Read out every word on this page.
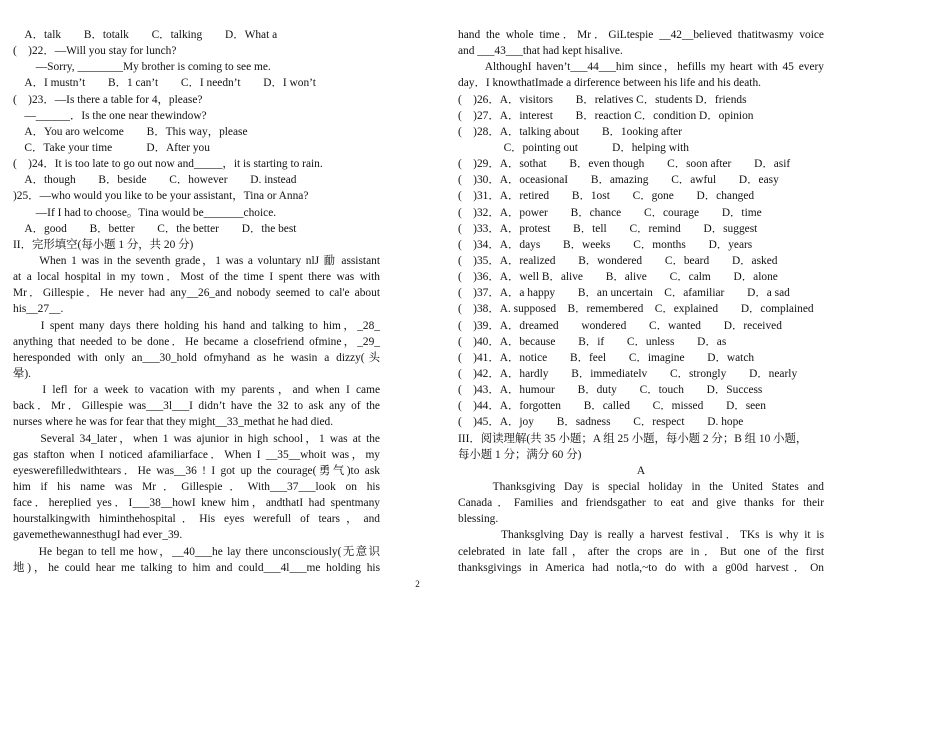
　A．talk　　B．totalk　　C．talking　　D．What a
(　)22．—Will you stay for lunch?
　　—Sorry, ________My brother is coming to see me.
　A．I mustn’t　　B．1 can’t　　C．I needn’t　　D．I won’t
(　)23．—Is there a table for 4，please?
　—______．Is the one near thewindow?
　A．You aro welcome　　B．This way，please
　C．Take your time　　　D．After you
(　)24．It is too late to go out now and_____，it is starting to rain.
　A．though　　B．beside　　C．however　　D. instead
)25．—who would you like to be your assistant，Tina or Anna?
　　—If I had to choose。Tina would be_______choice.
　A．good　　B．better　　C．the better　　D．the best
II．完形填空(每小题 1 分，共 20 分)
　　When 1 was in the seventh grade，1 was a voluntary nlJ 勔 assistant
at a local hospital in my town．Most of the time I spent there was with
Mr．Gillespie．He never had any__26_and nobody seemed to cal'e about
his__27__.
　　I spent many days there holding his hand and talking to him，_28_
anything that needed to be done．He became a closefriend ofmine，_29_
heresponded with only an___30_hold ofmyhand as he wasin a dizzy(头
晕).
　　I lefl for a week to vacation with my parents，and when I came
back．Mr．Gillespie was___3l___I didn’t have the 32 to ask any of the
nurses where he was for fear that they might__33_methat he had died.
　　Several 34_later，when 1 was ajunior in high school，1 was at the
gas stafton when I noticed afamiliarface．When I __35__whoit was，my
eyeswerefilledwithtears．He was__36 ! I got up the courage(勇气)to ask
him if his name was Mr．Gillespie．With___37___look on his
face．hereplied yes．I___38__howI knew him，andthatI had spentmany
hourstalkingwith himinthehospital．His eyes werefull of tears，and
gavemethewannesthugI had ever_39.
　　He began to tell me how，__40___he lay there unconsciously(无意识
地)，he could hear me talking to him and could___4l___me holding his
hand the whole time．Mr．GiLtespie __42__believed thatitwasmy voice
and ___43___that had kept hisalive.
　　AlthoughI haven’t___44___him since，hefills my heart with 45 every
day．I knowthatImade a dirference between his life and his death.
(　)26．A．visitors　　B．relatives C．students D．friends
(　)27．A．interest　　B．reaction C．condition D．opinion
(　)28．A．talking about　　B．1ooking after
　　　　C．pointing out　　　D．helping with
(　)29．A．sothat　　B．even though　　C．soon after　　D．asif
(　)30．A．oceasionaI　　B．amazing　　C．awful　　D．easy
(　)31．A．retired　　B．1ost　　C．gone　　D．changed
(　)32．A．power　　B．chance　　C．courage　　D．time
(　)33．A．protest　　B．tell　　C．remind　　D．suggest
(　)34．A．days　　B．weeks　　C．months　　D．years
(　)35．A．realized　　B．wondered　　C．beard　　D．asked
(　)36．A．well B．alive　　B．alive　　C．calm　　D．alone
(　)37．A．a happy　　B．an uncertain　C．afamiliar　　D．a sad
(　)38．A. supposed　B．remembered　C．explained　　D．complained
(　)39．A．dreamed　　wondered　　C．wanted　　D．received
(　)40．A．because　　B．if　　C．unless　　D．as
(　)41．A．notice　　B．feel　　C．imagine　　D．watch
(　)42．A．hardly　　B．immediatelv　　C．strongly　　D．nearly
(　)43．A．humour　　B．duty　　C．touch　　D．Success
(　)44．A．forgotten　　B．called　　C．missed　　D．seen
(　)45．A．joy　　B．sadness　　C．respect　　D. hope
III．阅读理解(共 35 小题；A 组 25 小题，每小题 2 分；B 组 10 小题，
每小题 1 分；满分 60 分)
A
　　Thanksgiving Day is special holiday in the United States and
Canada．Families and friendsgather to eat and give thanks for their
blessing.
　　　Thanksglving Day is really a harvest festival．TKs is why it is
celebrated in late fall，after the crops are in．But one of the first
thanksgivings in America had notla,~to do with a g00d harvest．On
2
